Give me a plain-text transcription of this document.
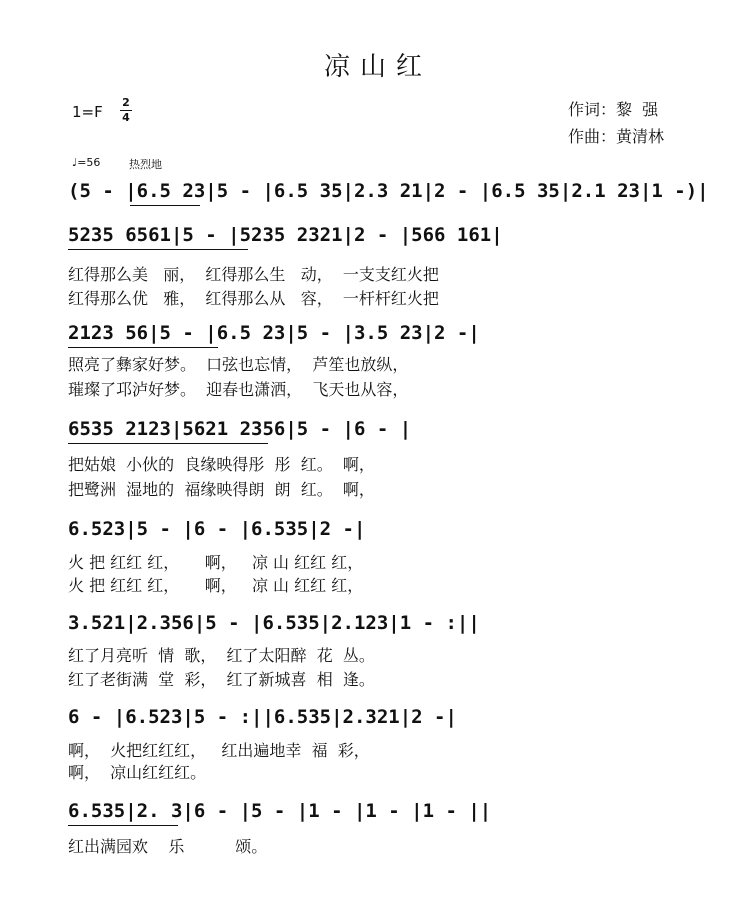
凉山红
1=F
2
4	作词：黎  强
作曲：黄清林
♩=56	热烈地
(5 - |6.5 23|5 - |6.5 35|2.3 21|2 - |6.5 35|2.1 23|1 -)|
5235 6561|5 - |5235 2321|2 - |566 161|
红得那么美   丽，  红得那么生   动，  一支支红火把
红得那么优   雅，  红得那么从   容，  一杆杆红火把
2123 56|5 - |6.5 23|5 - |3.5 23|2 -|
照亮了彝家好梦。  口弦也忘情，  芦笙也放纵，
璀璨了邛泸好梦。  迎春也潇洒，  飞天也从容，
6535 2123|5621 2356|5 - |6 - |
把姑娘  小伙的  良缘映得彤  彤  红。  啊，
把鹭洲  湿地的  福缘映得朗  朗  红。  啊，
6.523|5 - |6 - |6.535|2 -|
火 把 红红 红，     啊，   凉 山 红红 红，
火 把 红红 红，     啊，   凉 山 红红 红，
3.521|2.356|5 - |6.535|2.123|1 - :||
红了月亮听  情  歌，  红了太阳醉  花  丛。
红了老街满  堂  彩，  红了新城喜  相  逢。
6 - |6.523|5 - :||6.535|2.321|2 -|
啊，  火把红红红，   红出遍地幸  福  彩，
啊，  凉山红红红。
6.535|2. 3|6 - |5 - |1 - |1 - |1 - ||
红出满园欢    乐          颂。
